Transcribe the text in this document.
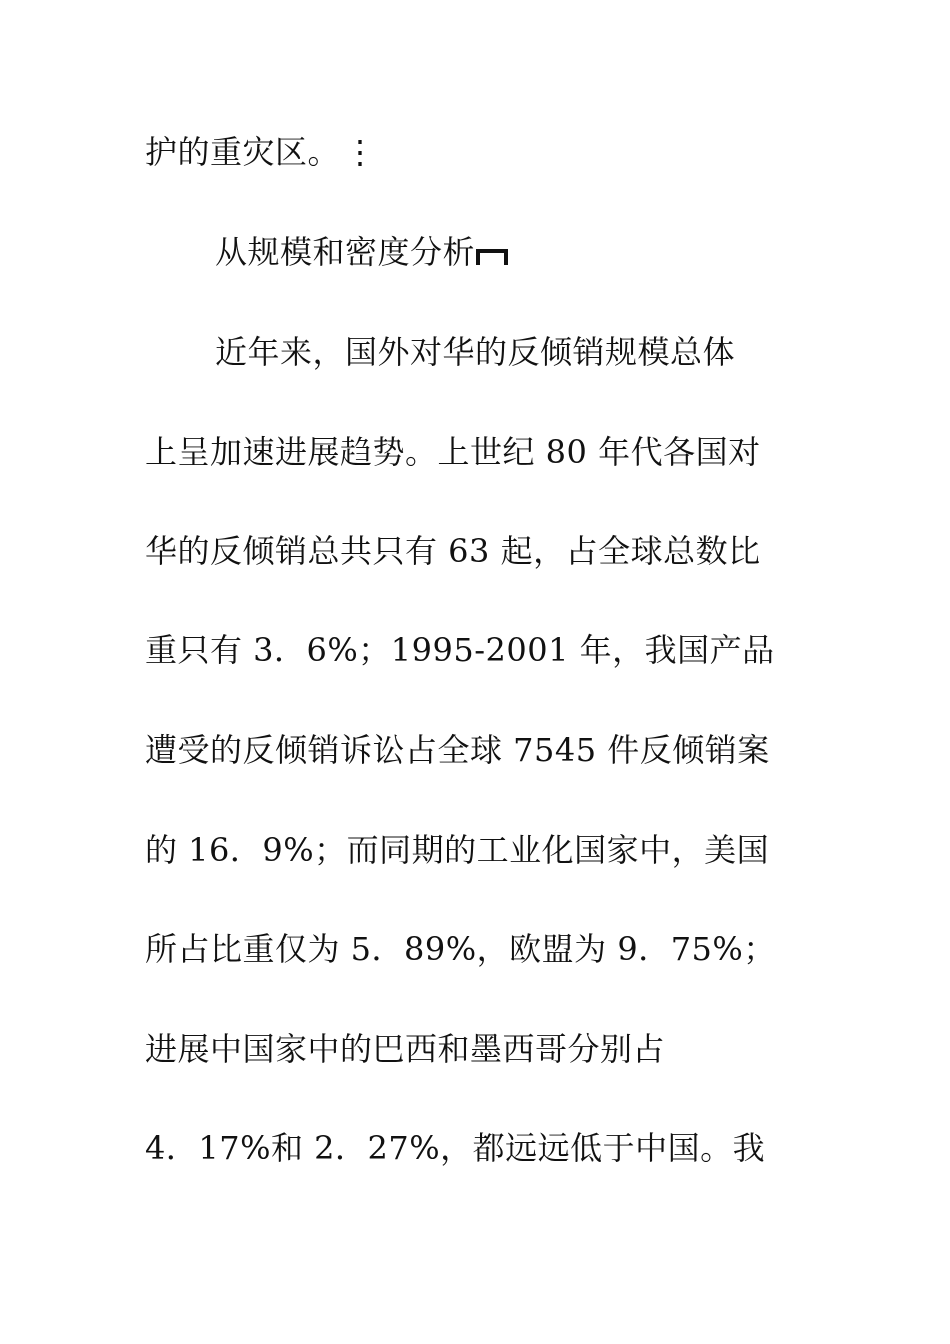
护的重灾区。 ⋮

从规模和密度分析

近年来，国外对华的反倾销规模总体

上呈加速进展趋势。上世纪 80 年代各国对

华的反倾销总共只有 63 起，占全球总数比

重只有 3．6%；1995-2001 年，我国产品

遭受的反倾销诉讼占全球 7545 件反倾销案

的 16．9%；而同期的工业化国家中，美国

所占比重仅为 5．89%，欧盟为 9．75%；

进展中国家中的巴西和墨西哥分别占

4．17%和 2．27%，都远远低于中国。我
